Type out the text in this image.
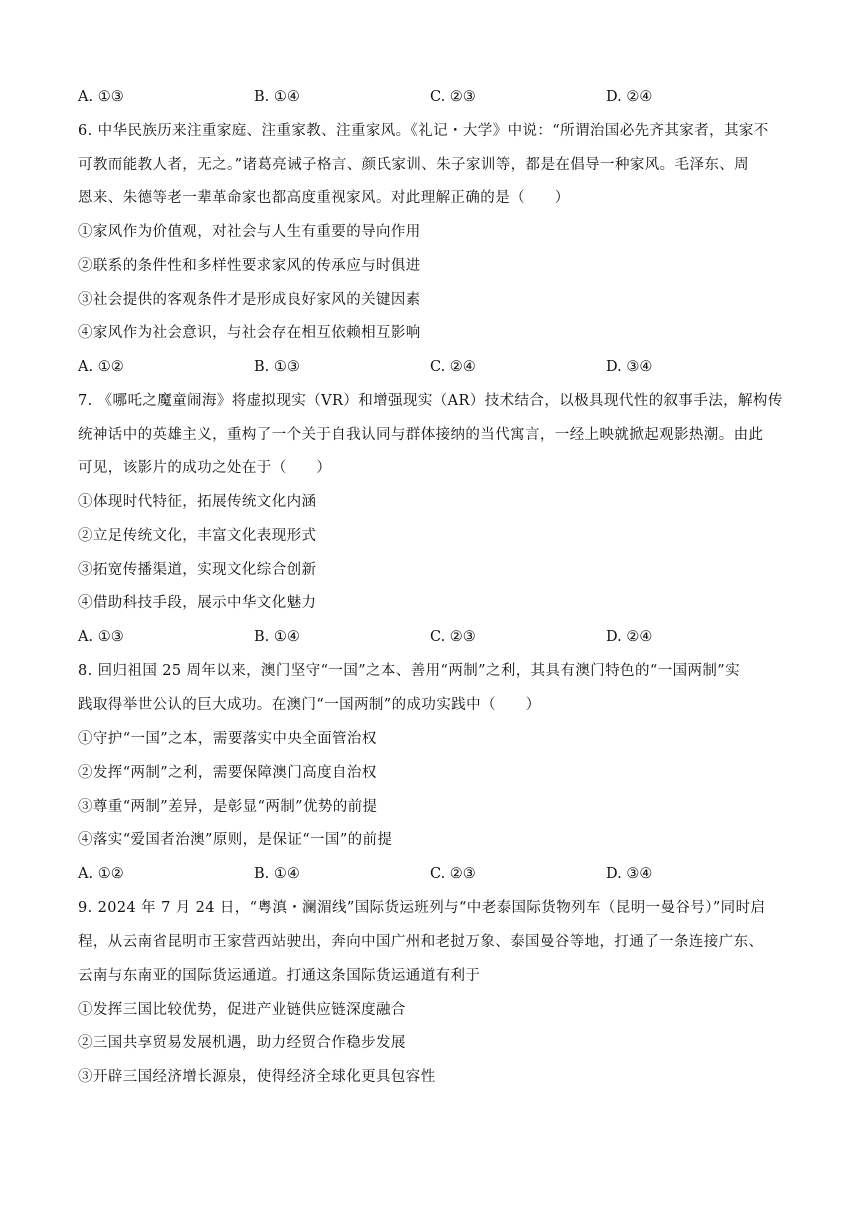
A. ①③	B. ①④	C. ②③	D. ②④
6. 中华民族历来注重家庭、注重家教、注重家风。《礼记・大学》中说：“所谓治国必先齐其家者，其家不
可教而能教人者，无之。”诸葛亮诫子格言、颜氏家训、朱子家训等，都是在倡导一种家风。毛泽东、周
恩来、朱德等老一辈革命家也都高度重视家风。对此理解正确的是（　　）
①家风作为价值观，对社会与人生有重要的导向作用
②联系的条件性和多样性要求家风的传承应与时俱进
③社会提供的客观条件才是形成良好家风的关键因素
④家风作为社会意识，与社会存在相互依赖相互影响
A. ①②	B. ①③	C. ②④	D. ③④
7. 《哪吒之魔童闹海》将虚拟现实（VR）和增强现实（AR）技术结合，以极具现代性的叙事手法，解构传
统神话中的英雄主义，重构了一个关于自我认同与群体接纳的当代寓言，一经上映就掀起观影热潮。由此
可见，该影片的成功之处在于（　　）
①体现时代特征，拓展传统文化内涵
②立足传统文化，丰富文化表现形式
③拓宽传播渠道，实现文化综合创新
④借助科技手段，展示中华文化魅力
A. ①③	B. ①④	C. ②③	D. ②④
8. 回归祖国 25 周年以来，澳门坚守“一国”之本、善用“两制”之利，其具有澳门特色的“一国两制”实
践取得举世公认的巨大成功。在澳门“一国两制”的成功实践中（　　）
①守护“一国”之本，需要落实中央全面管治权
②发挥“两制”之利，需要保障澳门高度自治权
③尊重“两制”差异，是彰显“两制”优势的前提
④落实“爱国者治澳”原则，是保证“一国”的前提
A. ①②	B. ①④	C. ②③	D. ③④
9. 2024 年 7 月 24 日，“粤滇・澜湄线”国际货运班列与“中老泰国际货物列车（昆明一曼谷号）”同时启
程，从云南省昆明市王家营西站驶出，奔向中国广州和老挝万象、泰国曼谷等地，打通了一条连接广东、
云南与东南亚的国际货运通道。打通这条国际货运通道有利于
①发挥三国比较优势，促进产业链供应链深度融合
②三国共享贸易发展机遇，助力经贸合作稳步发展
③开辟三国经济增长源泉，使得经济全球化更具包容性
